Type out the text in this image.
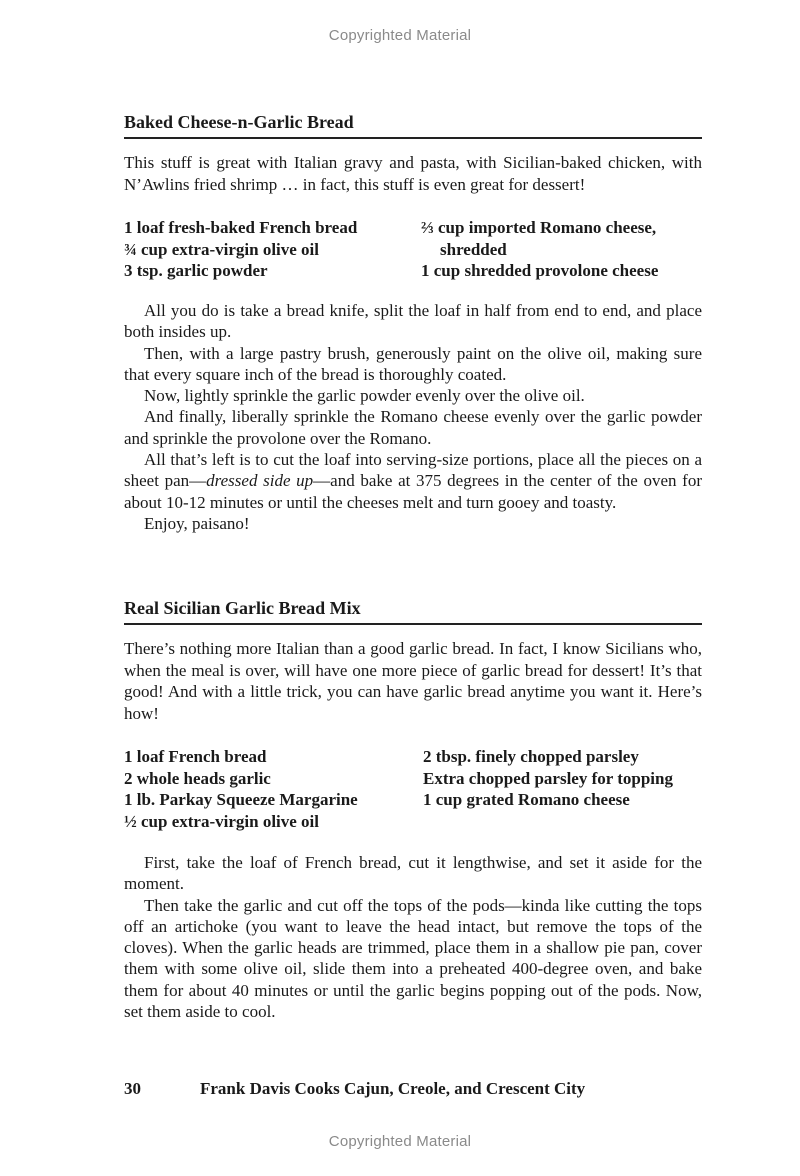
Copyrighted Material
Baked Cheese-n-Garlic Bread

This stuff is great with Italian gravy and pasta, with Sicilian-baked chicken, with N’Awlins fried shrimp … in fact, this stuff is even great for dessert!

1 loaf fresh-baked French bread
¾ cup extra-virgin olive oil
3 tsp. garlic powder
⅔ cup imported Romano cheese, shredded
1 cup shredded provolone cheese

All you do is take a bread knife, split the loaf in half from end to end, and place both insides up.

Then, with a large pastry brush, generously paint on the olive oil, making sure that every square inch of the bread is thoroughly coated.

Now, lightly sprinkle the garlic powder evenly over the olive oil.

And finally, liberally sprinkle the Romano cheese evenly over the garlic powder and sprinkle the provolone over the Romano.

All that’s left is to cut the loaf into serving-size portions, place all the pieces on a sheet pan—dressed side up—and bake at 375 degrees in the center of the oven for about 10-12 minutes or until the cheeses melt and turn gooey and toasty.

Enjoy, paisano!

Real Sicilian Garlic Bread Mix

There’s nothing more Italian than a good garlic bread. In fact, I know Sicilians who, when the meal is over, will have one more piece of garlic bread for dessert! It’s that good! And with a little trick, you can have garlic bread anytime you want it. Here’s how!

1 loaf French bread
2 whole heads garlic
1 lb. Parkay Squeeze Margarine
½ cup extra-virgin olive oil
2 tbsp. finely chopped parsley
Extra chopped parsley for topping
1 cup grated Romano cheese

First, take the loaf of French bread, cut it lengthwise, and set it aside for the moment.

Then take the garlic and cut off the tops of the pods—kinda like cutting the tops off an artichoke (you want to leave the head intact, but remove the tops of the cloves). When the garlic heads are trimmed, place them in a shallow pie pan, cover them with some olive oil, slide them into a preheated 400-degree oven, and bake them for about 40 minutes or until the garlic begins popping out of the pods. Now, set them aside to cool.

30	Frank Davis Cooks Cajun, Creole, and Crescent City
Copyrighted Material
